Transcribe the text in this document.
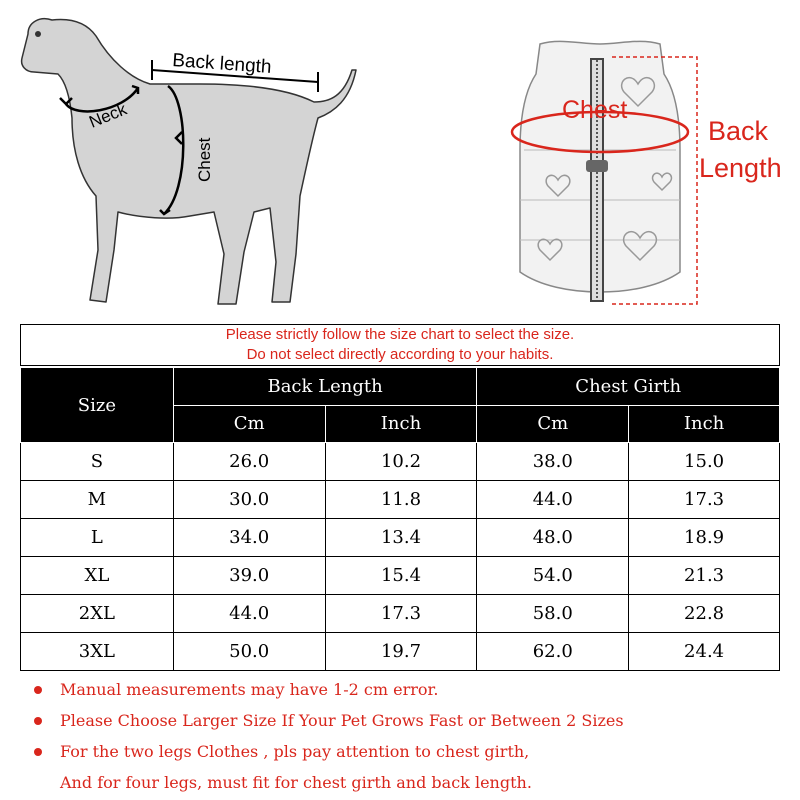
Back length
Neck
Chest
Chest
Back
Length
Please strictly follow the size chart to select the size.
Do not select directly according to your habits.
Size	Back Length		Chest Girth	
	Cm	Inch	Cm	Inch
S	26.0	10.2	38.0	15.0
M	30.0	11.8	44.0	17.3
L	34.0	13.4	48.0	18.9
XL	39.0	15.4	54.0	21.3
2XL	44.0	17.3	58.0	22.8
3XL	50.0	19.7	62.0	24.4
Manual measurements may have 1-2 cm error.
Please Choose Larger Size If Your Pet Grows Fast or Between 2 Sizes
For the two legs Clothes , pls pay attention to chest girth,
And for four legs, must fit for chest girth and back length.
